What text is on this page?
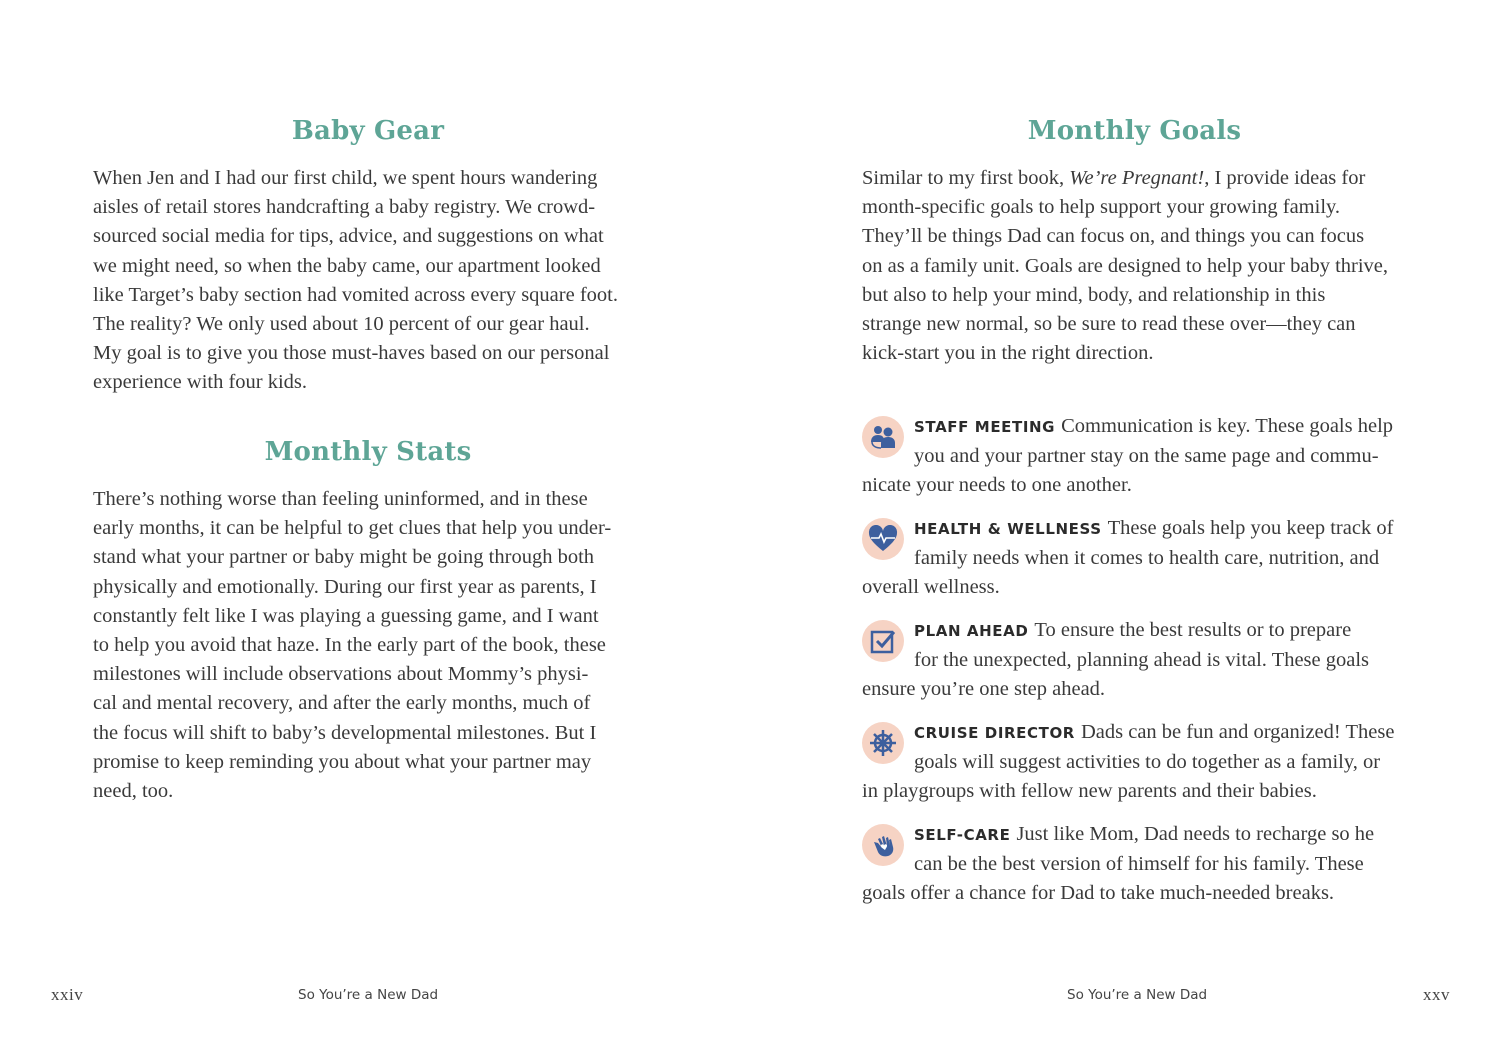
Baby Gear
When Jen and I had our first child, we spent hours wandering
aisles of retail stores handcrafting a baby registry. We crowd-
sourced social media for tips, advice, and suggestions on what
we might need, so when the baby came, our apartment looked
like Target’s baby section had vomited across every square foot.
The reality? We only used about 10 percent of our gear haul.
My goal is to give you those must-haves based on our personal
experience with four kids.
Monthly Stats
There’s nothing worse than feeling uninformed, and in these
early months, it can be helpful to get clues that help you under-
stand what your partner or baby might be going through both
physically and emotionally. During our first year as parents, I
constantly felt like I was playing a guessing game, and I want
to help you avoid that haze. In the early part of the book, these
milestones will include observations about Mommy’s physi-
cal and mental recovery, and after the early months, much of
the focus will shift to baby’s developmental milestones. But I
promise to keep reminding you about what your partner may
need, too.
Monthly Goals
Similar to my first book, We’re Pregnant!, I provide ideas for
month-specific goals to help support your growing family.
They’ll be things Dad can focus on, and things you can focus
on as a family unit. Goals are designed to help your baby thrive,
but also to help your mind, body, and relationship in this
strange new normal, so be sure to read these over—they can
kick-start you in the right direction.
STAFF MEETING Communication is key. These goals help
you and your partner stay on the same page and commu-
nicate your needs to one another.
HEALTH & WELLNESS These goals help you keep track of
family needs when it comes to health care, nutrition, and
overall wellness.
PLAN AHEAD To ensure the best results or to prepare
for the unexpected, planning ahead is vital. These goals
ensure you’re one step ahead.
CRUISE DIRECTOR Dads can be fun and organized! These
goals will suggest activities to do together as a family, or
in playgroups with fellow new parents and their babies.
SELF-CARE Just like Mom, Dad needs to recharge so he
can be the best version of himself for his family. These
goals offer a chance for Dad to take much-needed breaks.
xxiv	So You’re a New Dad	So You’re a New Dad	xxv
